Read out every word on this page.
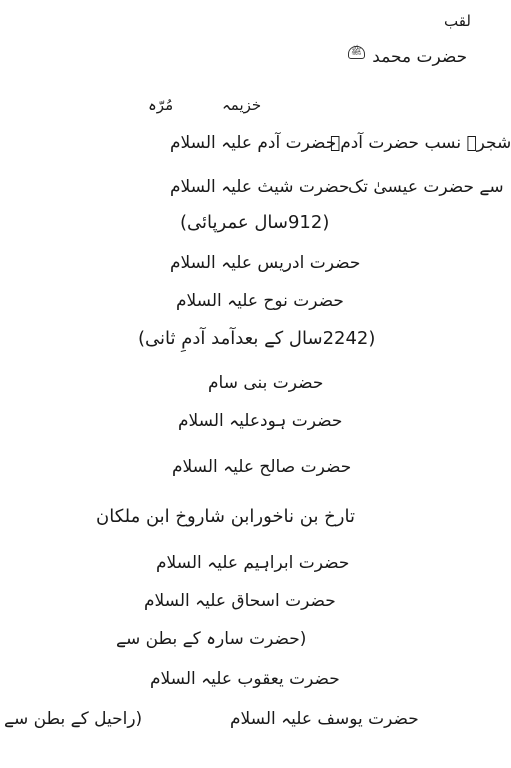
لقب
حضرت محمد ﷺ
خزیمہ
مُرّہ
شجرہ نسب حضرت آدمؑ
حضرت آدم علیہ السلام
سے حضرت عیسیٰ تک
حضرت شیث علیہ السلام
(912سال عمرپائی)
حضرت ادریس علیہ السلام
حضرت نوح علیہ السلام
(2242سال کے بعدآمد آدمِ ثانی)
حضرت بنی سام
حضرت ہودعلیہ السلام
حضرت صالح علیہ السلام
تارخ بن ناخورابن شاروخ ابن ملکان
حضرت ابراہیم علیہ السلام
حضرت اسحاق علیہ السلام
(حضرت سارہ کے بطن سے
حضرت یعقوب علیہ السلام
حضرت یوسف علیہ السلام
(راحیل کے بطن سے
